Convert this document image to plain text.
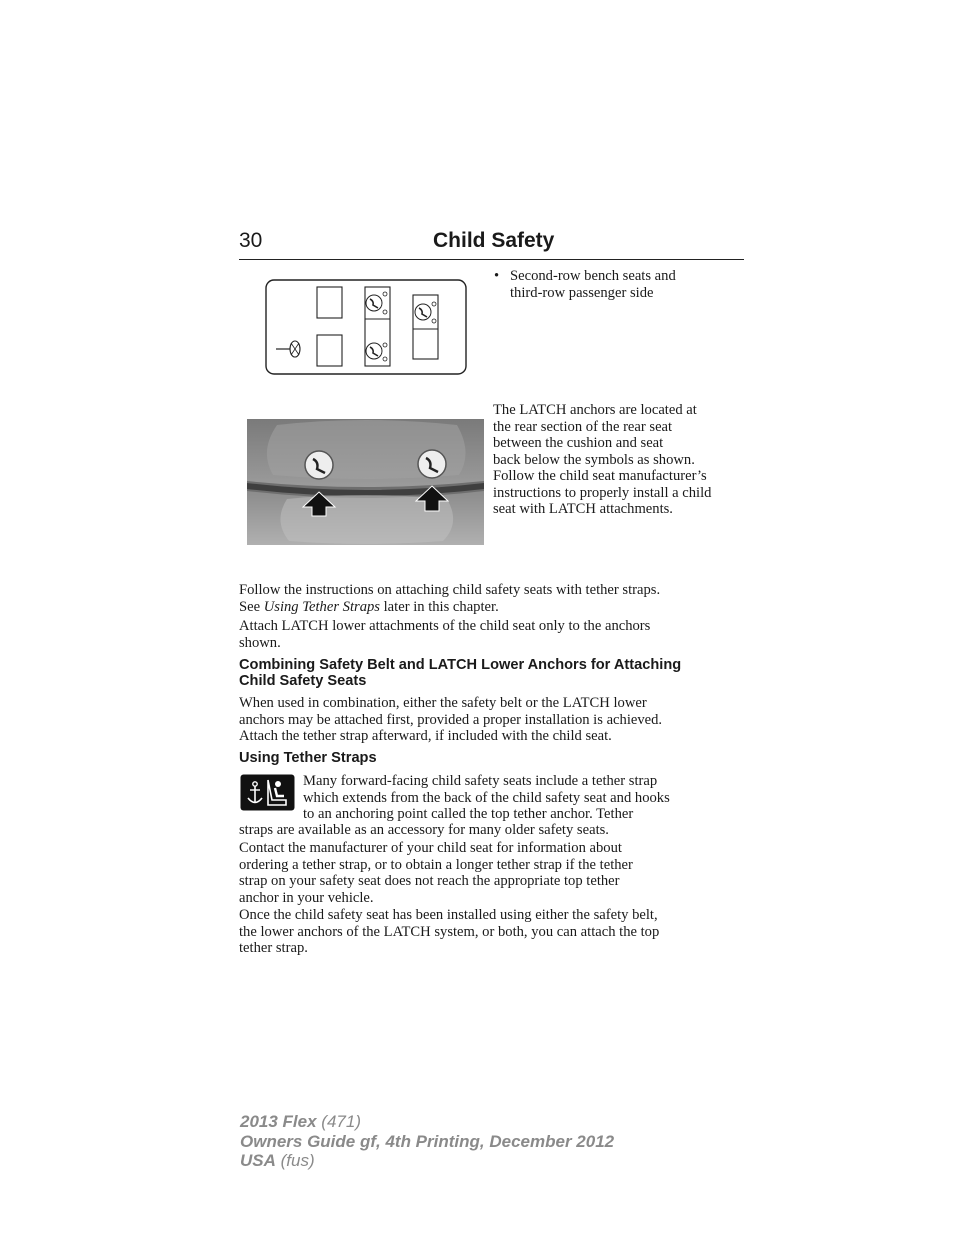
30	Child Safety
• Second-row bench seats and
third-row passenger side
The LATCH anchors are located at
the rear section of the rear seat
between the cushion and seat
back below the symbols as shown.
Follow the child seat manufacturer’s
instructions to properly install a child
seat with LATCH attachments.
Follow the instructions on attaching child safety seats with tether straps.
See Using Tether Straps later in this chapter.
Attach LATCH lower attachments of the child seat only to the anchors
shown.
Combining Safety Belt and LATCH Lower Anchors for Attaching
Child Safety Seats
When used in combination, either the safety belt or the LATCH lower
anchors may be attached first, provided a proper installation is achieved.
Attach the tether strap afterward, if included with the child seat.
Using Tether Straps
Many forward-facing child safety seats include a tether strap
which extends from the back of the child safety seat and hooks
to an anchoring point called the top tether anchor. Tether
straps are available as an accessory for many older safety seats.
Contact the manufacturer of your child seat for information about
ordering a tether strap, or to obtain a longer tether strap if the tether
strap on your safety seat does not reach the appropriate top tether
anchor in your vehicle.
Once the child safety seat has been installed using either the safety belt,
the lower anchors of the LATCH system, or both, you can attach the top
tether strap.
2013 Flex (471)
Owners Guide gf, 4th Printing, December 2012
USA (fus)
